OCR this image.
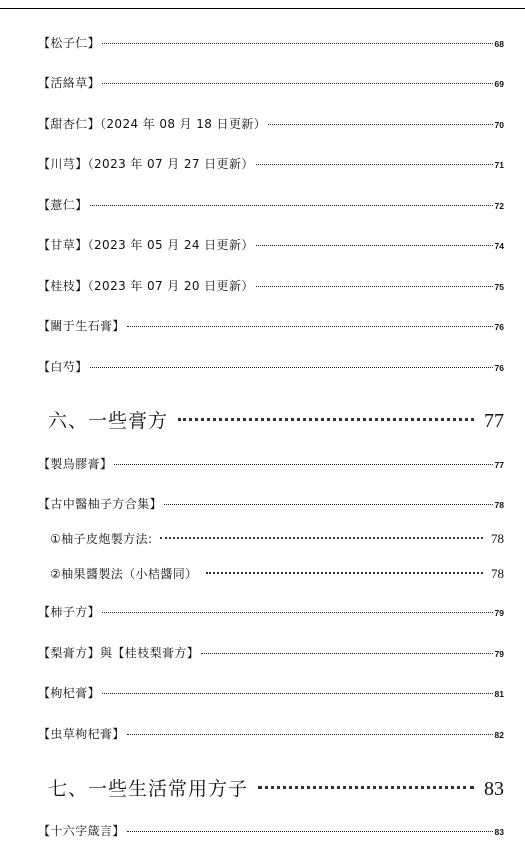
【松子仁】	68
【活絡草】	69
【甜杏仁】（2024 年 08 月 18 日更新）	70
【川芎】（2023 年 07 月 27 日更新）	71
【薏仁】	72
【甘草】（2023 年 05 月 24 日更新）	74
【桂枝】（2023 年 07 月 20 日更新）	75
【關于生石膏】	76
【白芍】	76
六、一些膏方	77
【製烏膠膏】	77
【古中醫柚子方合集】	78
①柚子皮炮製方法:	78
②柚果醬製法（小桔醬同）	78
【柿子方】	79
【梨膏方】與【桂枝梨膏方】	79
【枸杞膏】	81
【虫草枸杞膏】	82
七、一些生活常用方子	83
【十六字箴言】	83
